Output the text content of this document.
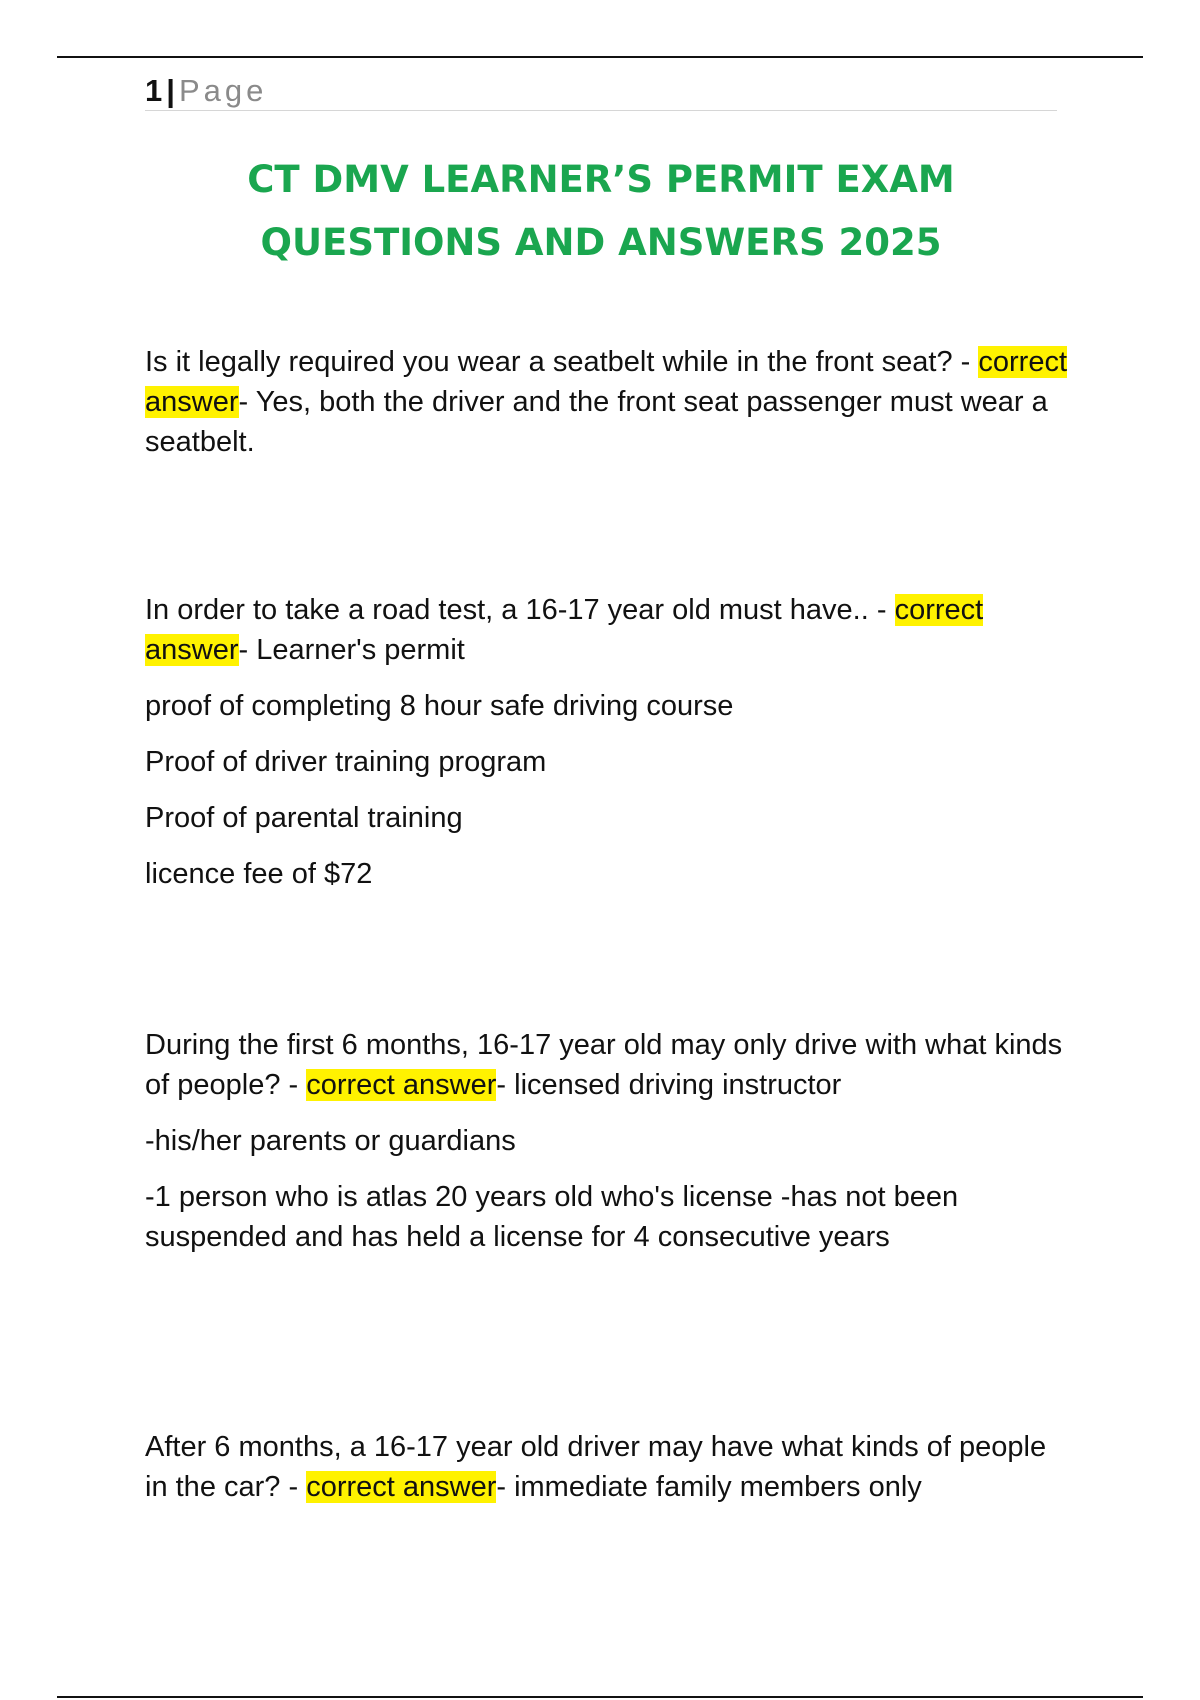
1 | Page
CT DMV LEARNER’S PERMIT EXAM
QUESTIONS AND ANSWERS 2025

Is it legally required you wear a seatbelt while in the front seat? - correct answer- Yes, both the driver and the front seat passenger must wear a seatbelt.

In order to take a road test, a 16-17 year old must have.. - correct answer- Learner's permit

proof of completing 8 hour safe driving course

Proof of driver training program

Proof of parental training

licence fee of $72

During the first 6 months, 16-17 year old may only drive with what kinds of people? - correct answer- licensed driving instructor

-his/her parents or guardians

-1 person who is atlas 20 years old who's license -has not been suspended and has held a license for 4 consecutive years

After 6 months, a 16-17 year old driver may have what kinds of people in the car? - correct answer- immediate family members only
